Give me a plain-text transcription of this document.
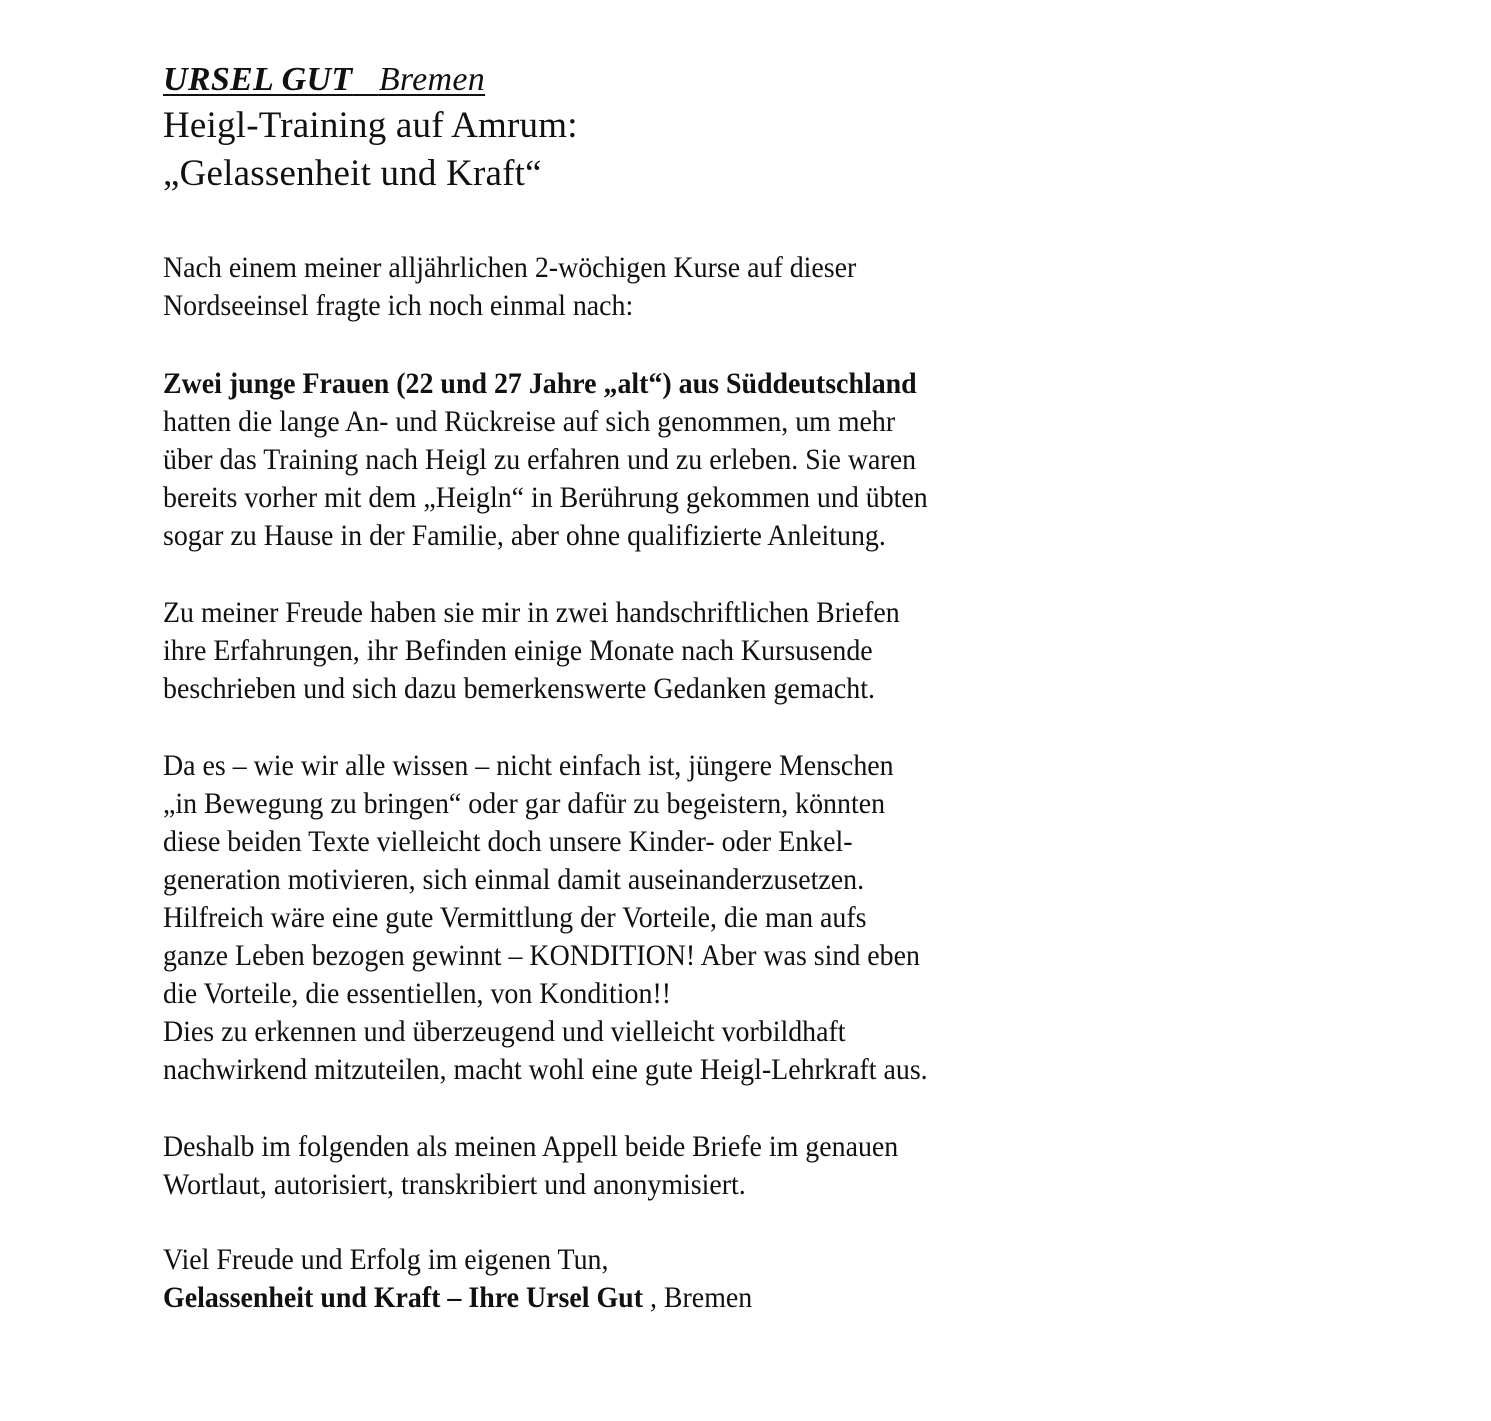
URSEL GUT Bremen
Heigl-Training auf Amrum:
„Gelassenheit und Kraft“
Nach einem meiner alljährlichen 2-wöchigen Kurse auf dieser
Nordseeinsel fragte ich noch einmal nach:
Zwei junge Frauen (22 und 27 Jahre „alt“) aus Süddeutschland
hatten die lange An- und Rückreise auf sich genommen, um mehr
über das Training nach Heigl zu erfahren und zu erleben. Sie waren
bereits vorher mit dem „Heigln“ in Berührung gekommen und übten
sogar zu Hause in der Familie, aber ohne qualifizierte Anleitung.
Zu meiner Freude haben sie mir in zwei handschriftlichen Briefen
ihre Erfahrungen, ihr Befinden einige Monate nach Kursusende
beschrieben und sich dazu bemerkenswerte Gedanken gemacht.
Da es – wie wir alle wissen – nicht einfach ist, jüngere Menschen
„in Bewegung zu bringen“ oder gar dafür zu begeistern, könnten
diese beiden Texte vielleicht doch unsere Kinder- oder Enkel-
generation motivieren, sich einmal damit auseinanderzusetzen.
Hilfreich wäre eine gute Vermittlung der Vorteile, die man aufs
ganze Leben bezogen gewinnt – KONDITION! Aber was sind eben
die Vorteile, die essentiellen, von Kondition!!
Dies zu erkennen und überzeugend und vielleicht vorbildhaft
nachwirkend mitzuteilen, macht wohl eine gute Heigl-Lehrkraft aus.
Deshalb im folgenden als meinen Appell beide Briefe im genauen
Wortlaut, autorisiert, transkribiert und anonymisiert.
Viel Freude und Erfolg im eigenen Tun,
Gelassenheit und Kraft – Ihre Ursel Gut , Bremen
